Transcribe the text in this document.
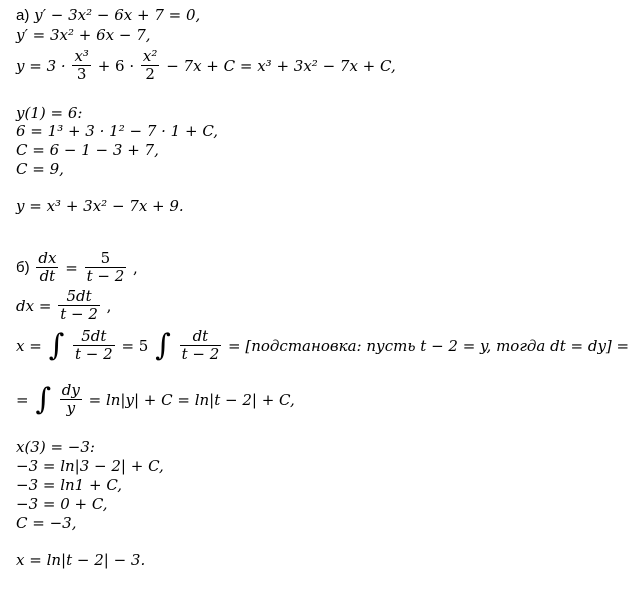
а) y′ − 3x² − 6x + 7 = 0,
y′ = 3x² + 6x − 7,
$y = 3 \cdot \frac{\text{x³}}{3} + 6 \cdot \frac{\text{x²}}{2} - 7x + C = x^3 + 3x^2 - 7x + C$,
y(1) = 6:
6 = 1³ + 3 · 1² − 7 · 1 + C,
C = 6 − 1 − 3 + 7,
C = 9,
y = x³ + 3x² − 7x + 9.
$б) \frac{dx}{dt} = \frac{5}{t - 2}$ ,
dx = $\frac{5dt}{t - 2}$ ,
x = ∫ $\frac{5dt}{t - 2} = 5$ ∫ $\frac{dt}{t - 2}$ = [подстановка: пусть t − 2 = y, тогда dt = dy] =
= ∫ $\frac{dy}{y} = \ln|y| + C = \ln|t - 2| + C$,
x(3) = −3:
−3 = ln|3 − 2| + C,
−3 = ln1 + C,
−3 = 0 + C,
C = −3,
x = ln|t − 2| − 3.
